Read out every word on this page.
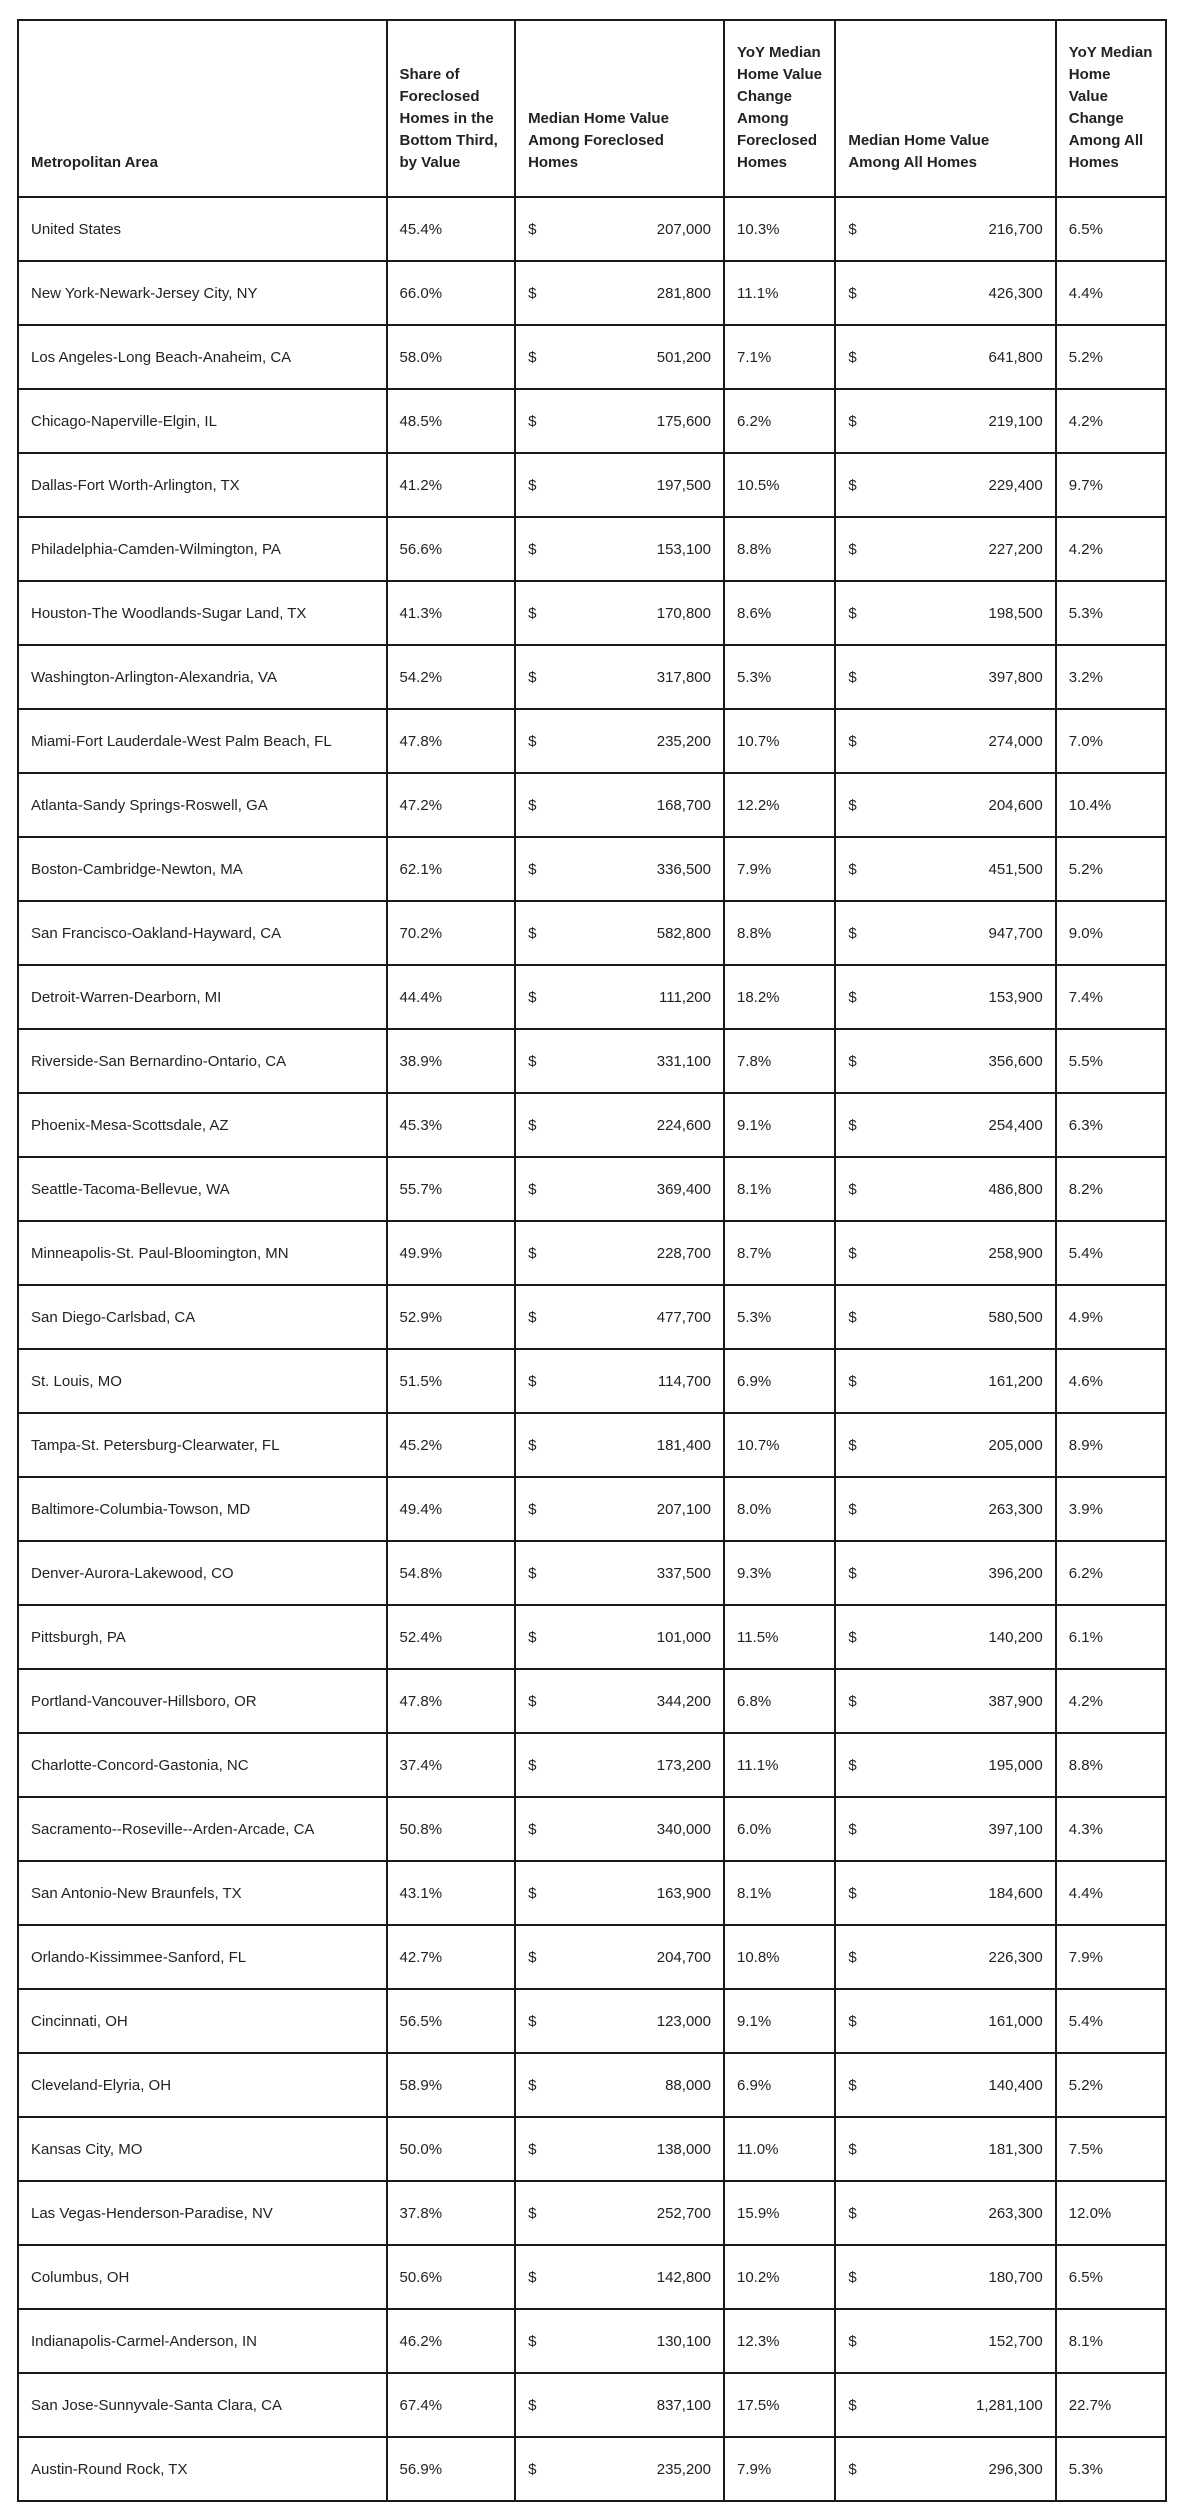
Metropolitan Area	Share of Foreclosed Homes in the Bottom Third, by Value	Median Home Value Among Foreclosed Homes	YoY Median Home Value Change Among Foreclosed Homes	Median Home Value Among All Homes	YoY Median Home Value Change Among All Homes
United States	45.4%	$ 207,000	10.3%	$ 216,700	6.5%
New York-Newark-Jersey City, NY	66.0%	$ 281,800	11.1%	$ 426,300	4.4%
Los Angeles-Long Beach-Anaheim, CA	58.0%	$ 501,200	7.1%	$ 641,800	5.2%
Chicago-Naperville-Elgin, IL	48.5%	$ 175,600	6.2%	$ 219,100	4.2%
Dallas-Fort Worth-Arlington, TX	41.2%	$ 197,500	10.5%	$ 229,400	9.7%
Philadelphia-Camden-Wilmington, PA	56.6%	$ 153,100	8.8%	$ 227,200	4.2%
Houston-The Woodlands-Sugar Land, TX	41.3%	$ 170,800	8.6%	$ 198,500	5.3%
Washington-Arlington-Alexandria, VA	54.2%	$ 317,800	5.3%	$ 397,800	3.2%
Miami-Fort Lauderdale-West Palm Beach, FL	47.8%	$ 235,200	10.7%	$ 274,000	7.0%
Atlanta-Sandy Springs-Roswell, GA	47.2%	$ 168,700	12.2%	$ 204,600	10.4%
Boston-Cambridge-Newton, MA	62.1%	$ 336,500	7.9%	$ 451,500	5.2%
San Francisco-Oakland-Hayward, CA	70.2%	$ 582,800	8.8%	$ 947,700	9.0%
Detroit-Warren-Dearborn, MI	44.4%	$ 111,200	18.2%	$ 153,900	7.4%
Riverside-San Bernardino-Ontario, CA	38.9%	$ 331,100	7.8%	$ 356,600	5.5%
Phoenix-Mesa-Scottsdale, AZ	45.3%	$ 224,600	9.1%	$ 254,400	6.3%
Seattle-Tacoma-Bellevue, WA	55.7%	$ 369,400	8.1%	$ 486,800	8.2%
Minneapolis-St. Paul-Bloomington, MN	49.9%	$ 228,700	8.7%	$ 258,900	5.4%
San Diego-Carlsbad, CA	52.9%	$ 477,700	5.3%	$ 580,500	4.9%
St. Louis, MO	51.5%	$ 114,700	6.9%	$ 161,200	4.6%
Tampa-St. Petersburg-Clearwater, FL	45.2%	$ 181,400	10.7%	$ 205,000	8.9%
Baltimore-Columbia-Towson, MD	49.4%	$ 207,100	8.0%	$ 263,300	3.9%
Denver-Aurora-Lakewood, CO	54.8%	$ 337,500	9.3%	$ 396,200	6.2%
Pittsburgh, PA	52.4%	$ 101,000	11.5%	$ 140,200	6.1%
Portland-Vancouver-Hillsboro, OR	47.8%	$ 344,200	6.8%	$ 387,900	4.2%
Charlotte-Concord-Gastonia, NC	37.4%	$ 173,200	11.1%	$ 195,000	8.8%
Sacramento--Roseville--Arden-Arcade, CA	50.8%	$ 340,000	6.0%	$ 397,100	4.3%
San Antonio-New Braunfels, TX	43.1%	$ 163,900	8.1%	$ 184,600	4.4%
Orlando-Kissimmee-Sanford, FL	42.7%	$ 204,700	10.8%	$ 226,300	7.9%
Cincinnati, OH	56.5%	$ 123,000	9.1%	$ 161,000	5.4%
Cleveland-Elyria, OH	58.9%	$ 88,000	6.9%	$ 140,400	5.2%
Kansas City, MO	50.0%	$ 138,000	11.0%	$ 181,300	7.5%
Las Vegas-Henderson-Paradise, NV	37.8%	$ 252,700	15.9%	$ 263,300	12.0%
Columbus, OH	50.6%	$ 142,800	10.2%	$ 180,700	6.5%
Indianapolis-Carmel-Anderson, IN	46.2%	$ 130,100	12.3%	$ 152,700	8.1%
San Jose-Sunnyvale-Santa Clara, CA	67.4%	$ 837,100	17.5%	$ 1,281,100	22.7%
Austin-Round Rock, TX	56.9%	$ 235,200	7.9%	$ 296,300	5.3%
